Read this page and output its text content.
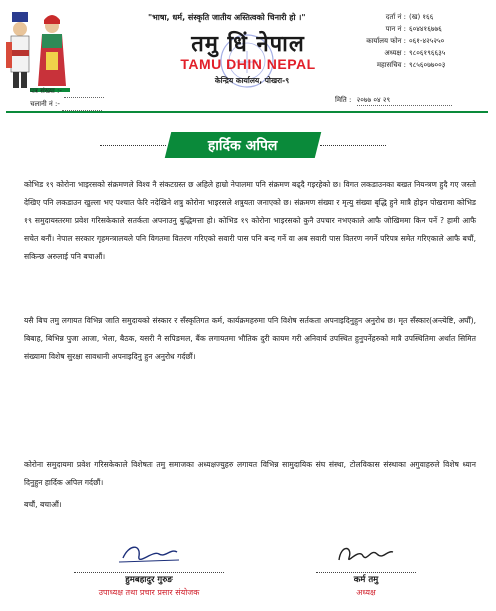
"भाषा, धर्म, संस्कृति जातीय अस्तित्वको चिनारी हो ।"
तमु धिं नेपाल
TAMU DHIN NEPAL
केन्द्रिय कार्यालय, पोखरा-९
दर्ता नं : (ख) १६६
पान नं : ६०४४१६७७६
कार्यालय फोन : ०६१-४२५२५०
अध्यक्ष : ९८०६१९६६३५
महासचिव : ९८५६०७७००३
पत्र संख्या :-
चलानी नं :-	मिति : २०७७ ०४ २९
हार्दिक अपिल
कोभिड १९ कोरोना भाइरसको संक्रमणले विश्व नै संकटग्रस्त छ अहिले हाम्रो नेपालमा पनि संक्रमण बढ्दै गइरहेको छ। विगत लकडाउनका बखत नियन्त्रण हुदै गए जस्तो देखिए पनि लकडाउन खुल्ला भए पश्चात फेरि नदेखिने शत्रु कोरोना भाइरसले शत्रुयता जनाएको छ। संक्रमण संख्या र मृत्यु संख्या बृद्धि हुने मात्रै होइन पोखरामा कोभिड १९ समुदायस्तरमा प्रवेश गरिसकेकाले सतर्कता अपनाउनु बुद्धिमत्ता हो। कोभिड १९ कोरोना भाइरसको कुनै उपचार नभएकाले आफै जोखिममा किन पर्ने ? हामी आफै सचेत बनौं। नेपाल सरकार गृहमन्त्रालयले पनि विगतमा वितरण गरिएको सवारी पास पनि बन्द गर्ने वा अब सवारी पास वितरण नगर्ने परिपत्र समेत गरिएकाले आफै बचौं, सकिन्छ अरुलाई पनि बचाऔं।
यसै बिच तमु लगायत विभिन्न जाति समुदायको संस्कार र सँस्कृतिगत कर्म, कार्यक्रमहरुमा पनि विशेष सर्तकता अपनाइदिनुहुन अनुरोध छ। मृत सँस्कार(अन्त्येष्टि, अर्घौं), बिबाह, बिभिन्न पुजा आजा, भेला, बैठक, यसरी नै सपिङमल, बैंक लगायतमा भौतिक दुरी कायम गरी अनिवार्य उपस्थित हुनुपर्नेहरुको मात्रै उपस्थितिमा अर्थात सिमित संख्यामा विशेष सुरक्षा सावधानी अपनाइदिनु हुन अनुरोध गर्दछौं।
कोरोना समुदायमा प्रवेश गरिसकेकाले विशेषतः तमु समाजका अध्यक्षज्युहरु लगायत विभिन्न सामुदायिक संघ संस्था, टोलविकास संस्थाका अगुवाहरुले विशेष ध्यान दिनुहुन हार्दिक अपिल गर्दछौं।
बचौं, बचाऔं।
हुमबहादुर गुरुङ
उपाध्यक्ष तथा प्रचार प्रसार संयोजक
कर्म तमु
अध्यक्ष
